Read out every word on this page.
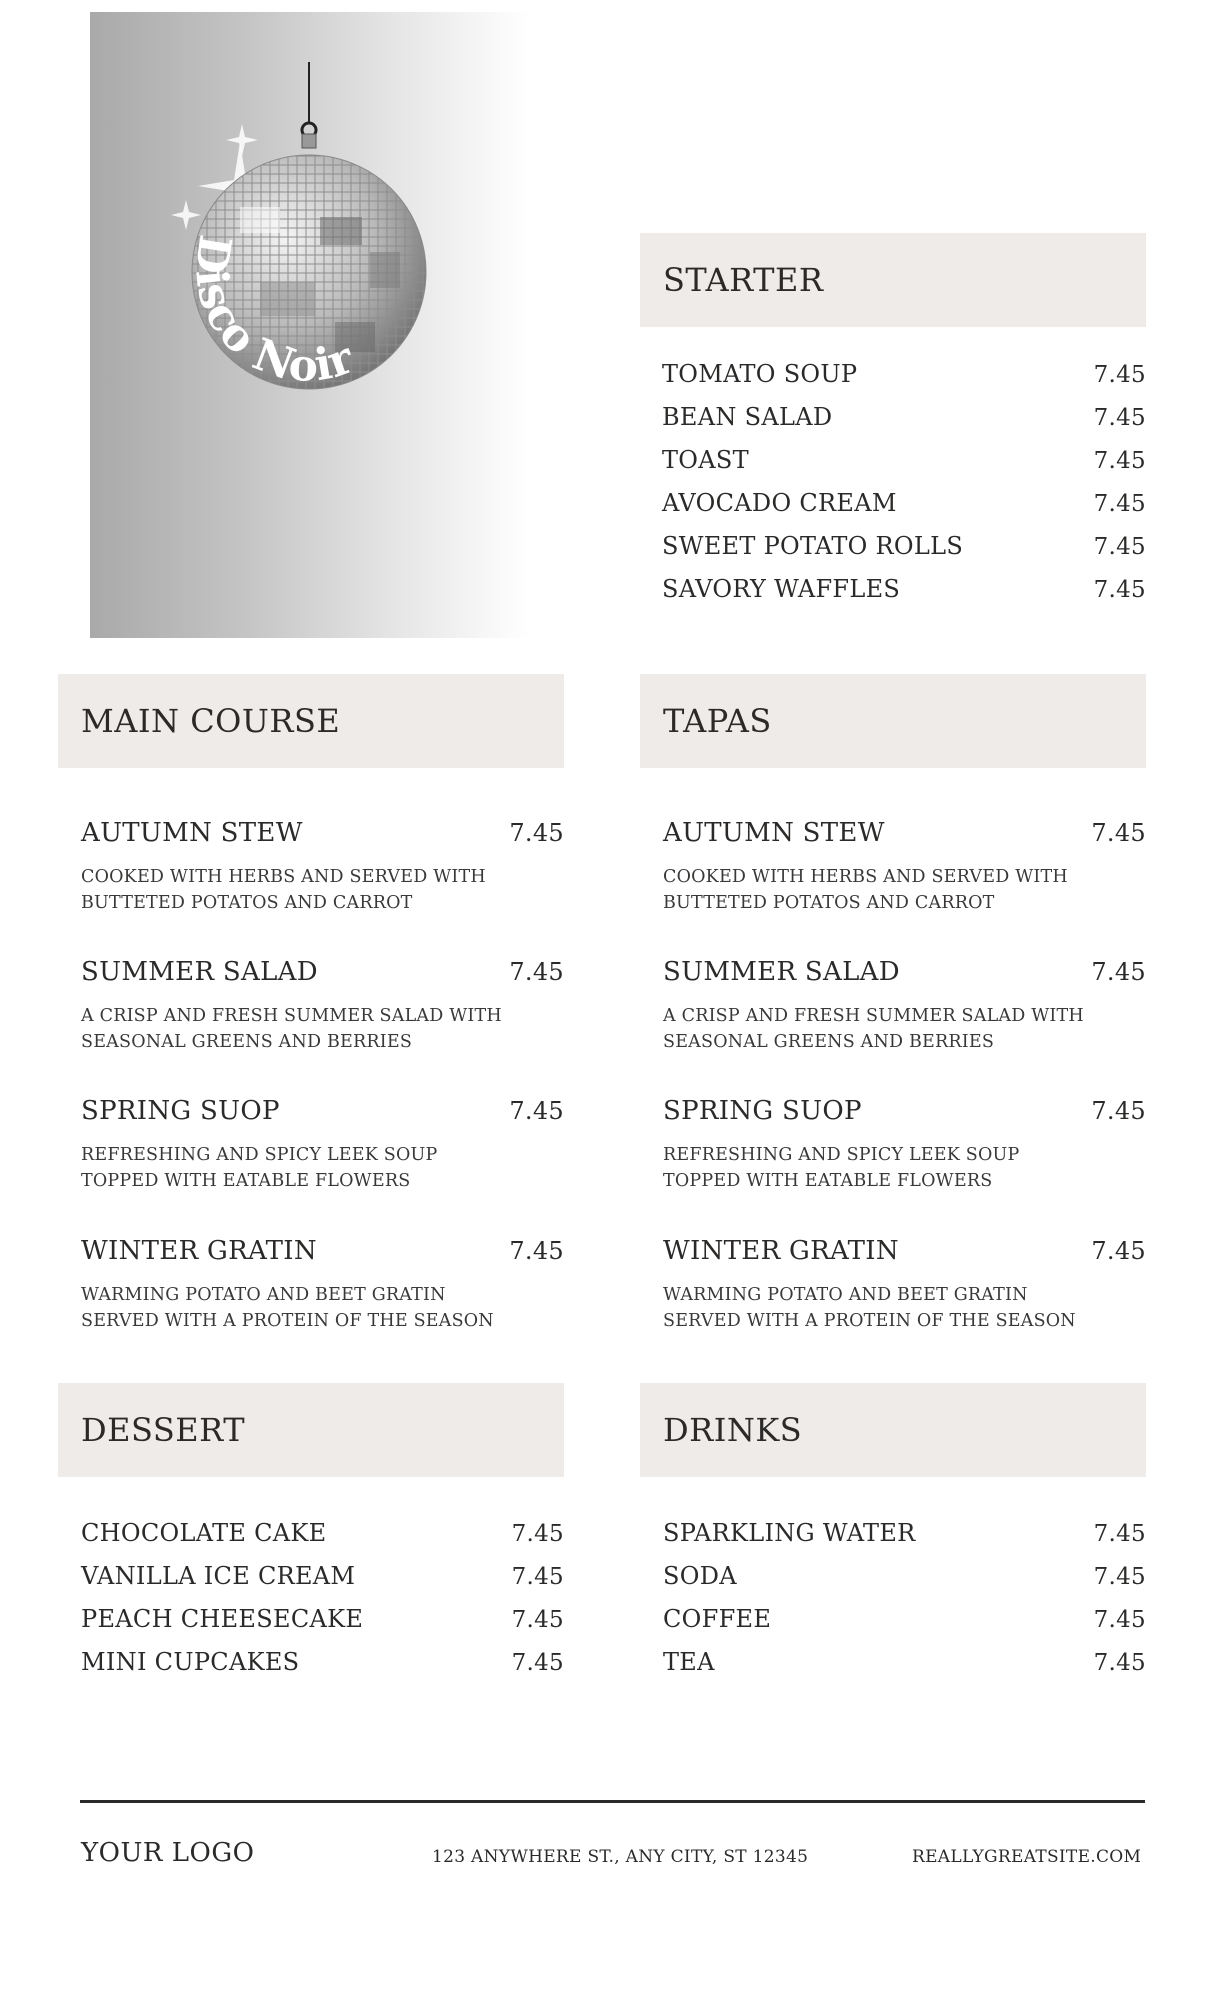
Disco Noir
STARTER
TOMATO SOUP	7.45
BEAN SALAD	7.45
TOAST	7.45
AVOCADO CREAM	7.45
SWEET POTATO ROLLS	7.45
SAVORY WAFFLES	7.45
MAIN COURSE
AUTUMN STEW	7.45
COOKED WITH HERBS AND SERVED WITH
BUTTETED POTATOS AND CARROT
SUMMER SALAD	7.45
A CRISP AND FRESH SUMMER SALAD WITH
SEASONAL GREENS AND BERRIES
SPRING SUOP	7.45
REFRESHING AND SPICY LEEK SOUP
TOPPED WITH EATABLE FLOWERS
WINTER GRATIN	7.45
WARMING POTATO AND BEET GRATIN
SERVED WITH A PROTEIN OF THE SEASON
TAPAS
AUTUMN STEW	7.45
COOKED WITH HERBS AND SERVED WITH
BUTTETED POTATOS AND CARROT
SUMMER SALAD	7.45
A CRISP AND FRESH SUMMER SALAD WITH
SEASONAL GREENS AND BERRIES
SPRING SUOP	7.45
REFRESHING AND SPICY LEEK SOUP
TOPPED WITH EATABLE FLOWERS
WINTER GRATIN	7.45
WARMING POTATO AND BEET GRATIN
SERVED WITH A PROTEIN OF THE SEASON
DESSERT
CHOCOLATE CAKE	7.45
VANILLA ICE CREAM	7.45
PEACH CHEESECAKE	7.45
MINI CUPCAKES	7.45
DRINKS
SPARKLING WATER	7.45
SODA	7.45
COFFEE	7.45
TEA	7.45
YOUR LOGO	123 ANYWHERE ST., ANY CITY, ST 12345	REALLYGREATSITE.COM
